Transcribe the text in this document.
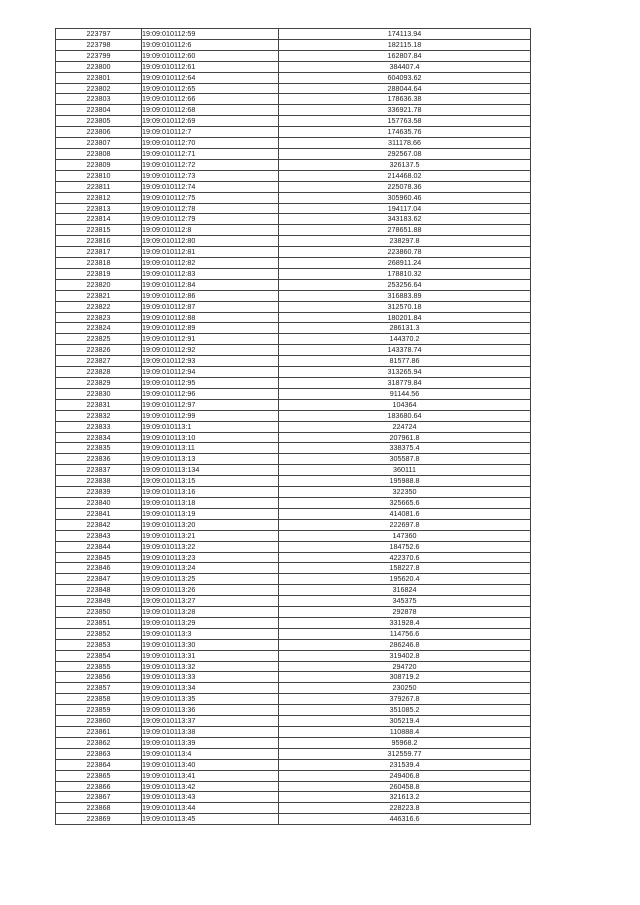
223797	19:09:010112:59	174113.94
223798	19:09:010112:6	182115.18
223799	19:09:010112:60	162807.84
223800	19:09:010112:61	384407.4
223801	19:09:010112:64	604093.62
223802	19:09:010112:65	288044.64
223803	19:09:010112:66	178636.38
223804	19:09:010112:68	336921.78
223805	19:09:010112:69	157763.58
223806	19:09:010112:7	174635.76
223807	19:09:010112:70	311178.66
223808	19:09:010112:71	292567.08
223809	19:09:010112:72	326137.5
223810	19:09:010112:73	214468.02
223811	19:09:010112:74	225078.36
223812	19:09:010112:75	305960.46
223813	19:09:010112:78	194117.04
223814	19:09:010112:79	343183.62
223815	19:09:010112:8	278651.88
223816	19:09:010112:80	238297.8
223817	19:09:010112:81	223860.78
223818	19:09:010112:82	268911.24
223819	19:09:010112:83	178810.32
223820	19:09:010112:84	253256.64
223821	19:09:010112:86	316883.89
223822	19:09:010112:87	312570.18
223823	19:09:010112:88	180201.84
223824	19:09:010112:89	286131.3
223825	19:09:010112:91	144370.2
223826	19:09:010112:92	143378.74
223827	19:09:010112:93	81577.86
223828	19:09:010112:94	313265.94
223829	19:09:010112:95	318779.84
223830	19:09:010112:96	91144.56
223831	19:09:010112:97	104364
223832	19:09:010112:99	183680.64
223833	19:09:010113:1	224724
223834	19:09:010113:10	207961.8
223835	19:09:010113:11	338375.4
223836	19:09:010113:13	305587.8
223837	19:09:010113:134	360111
223838	19:09:010113:15	195988.8
223839	19:09:010113:16	322350
223840	19:09:010113:18	325665.6
223841	19:09:010113:19	414081.6
223842	19:09:010113:20	222697.8
223843	19:09:010113:21	147360
223844	19:09:010113:22	184752.6
223845	19:09:010113:23	422370.6
223846	19:09:010113:24	158227.8
223847	19:09:010113:25	195620.4
223848	19:09:010113:26	316824
223849	19:09:010113:27	345375
223850	19:09:010113:28	292878
223851	19:09:010113:29	331928.4
223852	19:09:010113:3	114756.6
223853	19:09:010113:30	286246.8
223854	19:09:010113:31	319402.8
223855	19:09:010113:32	294720
223856	19:09:010113:33	308719.2
223857	19:09:010113:34	230250
223858	19:09:010113:35	379267.8
223859	19:09:010113:36	351085.2
223860	19:09:010113:37	305219.4
223861	19:09:010113:38	110888.4
223862	19:09:010113:39	95968.2
223863	19:09:010113:4	312559.77
223864	19:09:010113:40	231539.4
223865	19:09:010113:41	249406.8
223866	19:09:010113:42	260458.8
223867	19:09:010113:43	321613.2
223868	19:09:010113:44	228223.8
223869	19:09:010113:45	446316.6
